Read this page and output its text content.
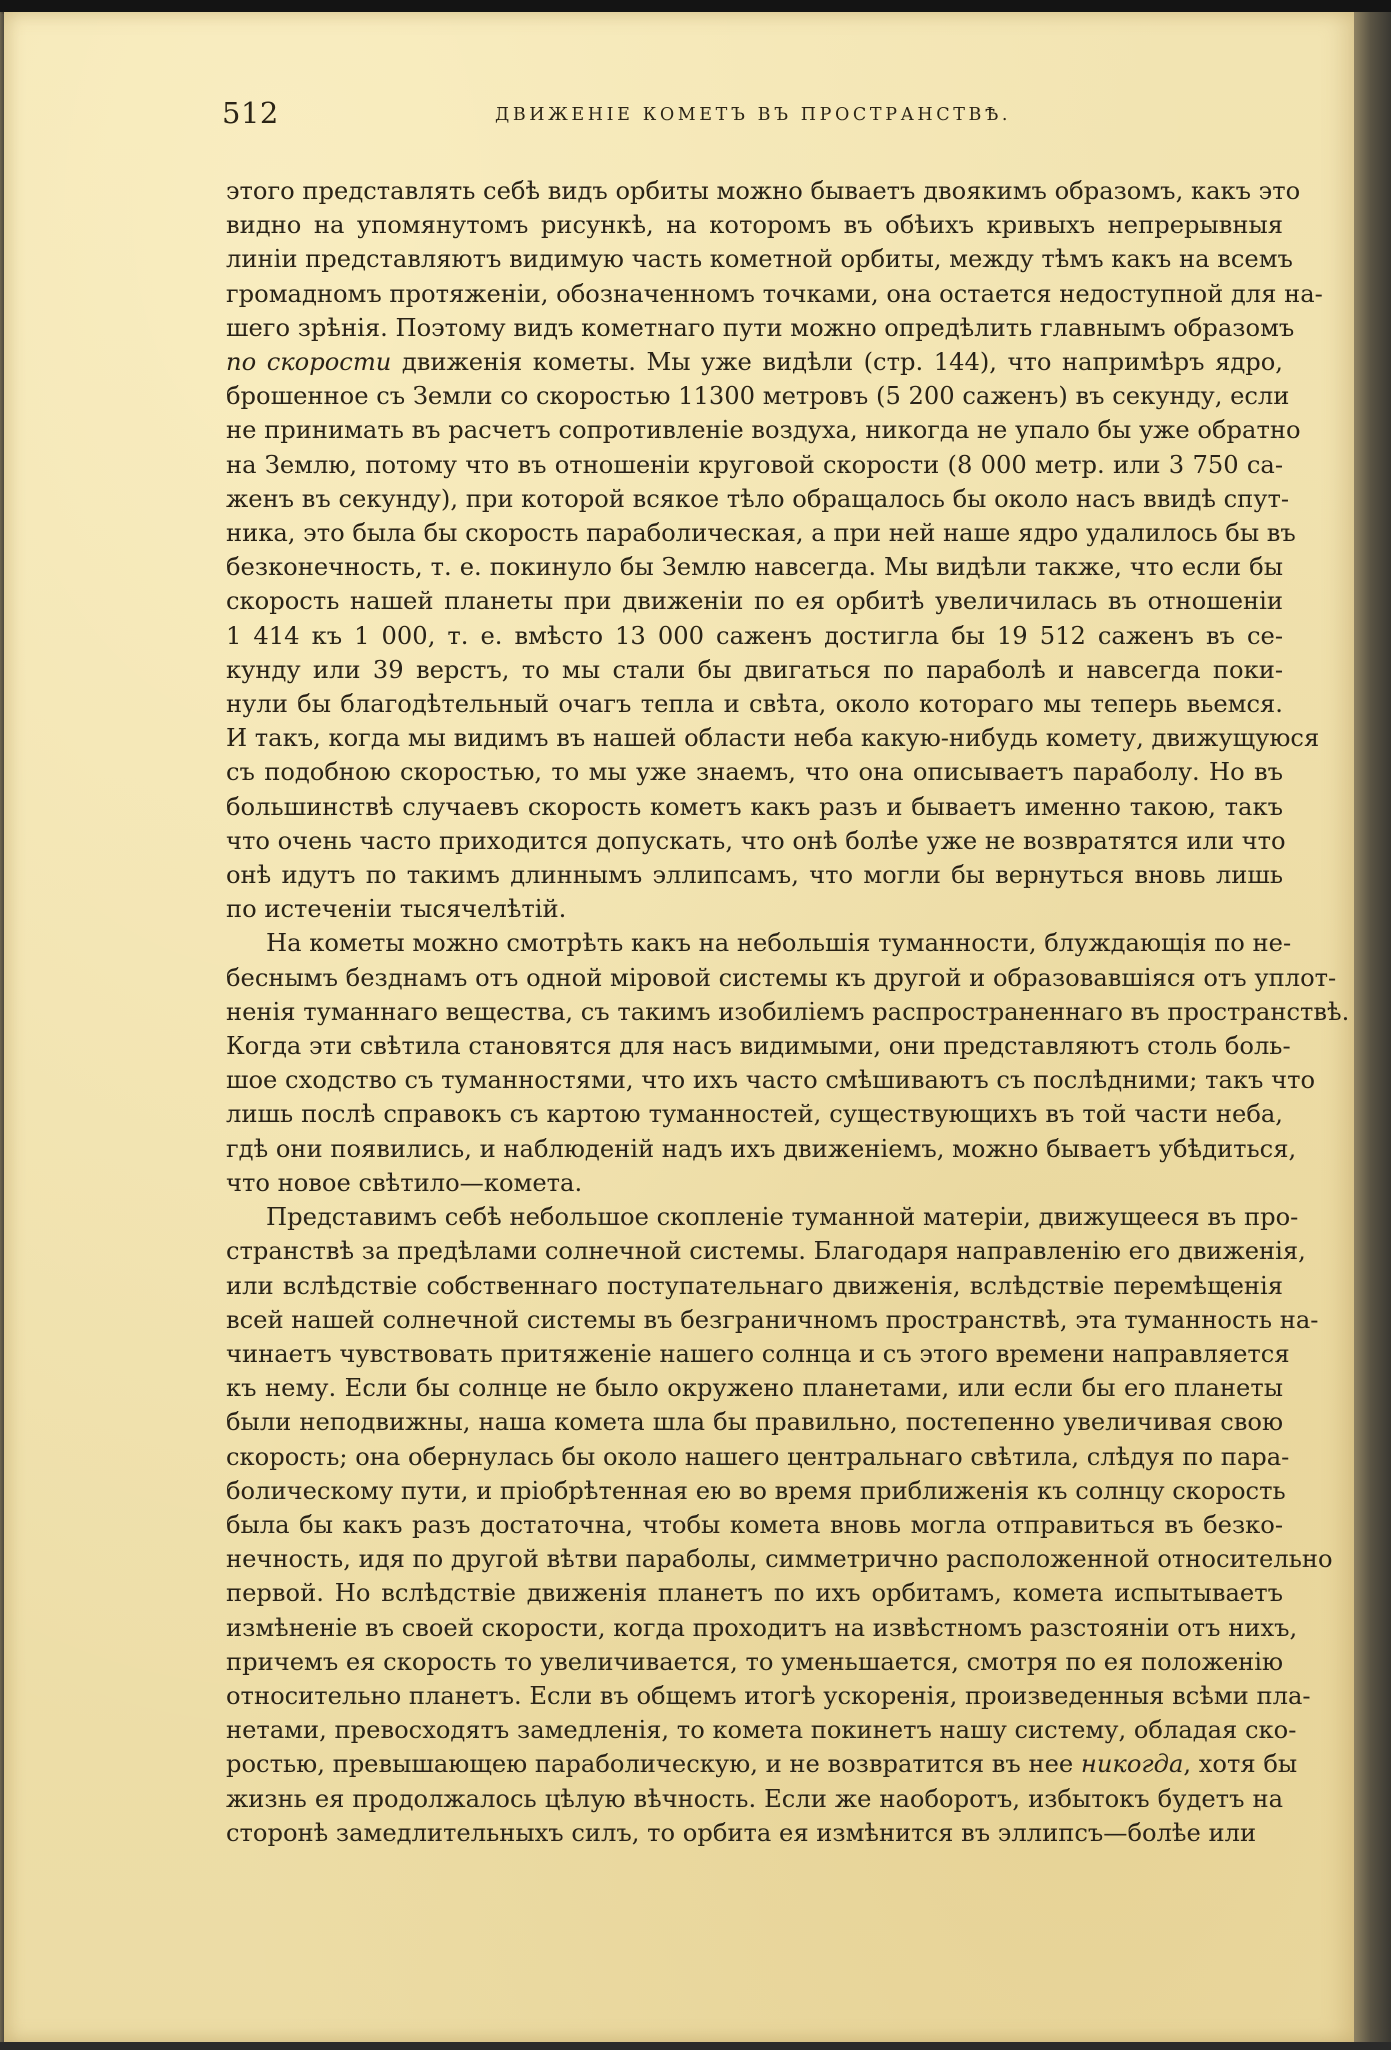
512	ДВИЖЕНІЕ КОМЕТЪ ВЪ ПРОСТРАНСТВѢ.
этого представлять себѣ видъ орбиты можно бываетъ двоякимъ образомъ, какъ это
видно на упомянутомъ рисункѣ, на которомъ въ обѣихъ кривыхъ непрерывныя
линіи представляютъ видимую часть кометной орбиты, между тѣмъ какъ на всемъ
громадномъ протяженіи, обозначенномъ точками, она остается недоступной для на-
шего зрѣнія. Поэтому видъ кометнаго пути можно опредѣлить главнымъ образомъ
по скорости движенія кометы. Мы уже видѣли (стр. 144), что напримѣръ ядро,
брошенное съ Земли со скоростью 11300 метровъ (5 200 саженъ) въ секунду, если
не принимать въ расчетъ сопротивленіе воздуха, никогда не упало бы уже обратно
на Землю, потому что въ отношеніи круговой скорости (8 000 метр. или 3 750 са-
женъ въ секунду), при которой всякое тѣло обращалось бы около насъ ввидѣ спут-
ника, это была бы скорость параболическая, а при ней наше ядро удалилось бы въ
безконечность, т. е. покинуло бы Землю навсегда. Мы видѣли также, что если бы
скорость нашей планеты при движеніи по ея орбитѣ увеличилась въ отношеніи
1 414 къ 1 000, т. е. вмѣсто 13 000 саженъ достигла бы 19 512 саженъ въ се-
кунду или 39 верстъ, то мы стали бы двигаться по параболѣ и навсегда поки-
нули бы благодѣтельный очагъ тепла и свѣта, около котораго мы теперь вьемся.
И такъ, когда мы видимъ въ нашей области неба какую-нибудь комету, движущуюся
съ подобною скоростью, то мы уже знаемъ, что она описываетъ параболу. Но въ
большинствѣ случаевъ скорость кометъ какъ разъ и бываетъ именно такою, такъ
что очень часто приходится допускать, что онѣ болѣе уже не возвратятся или что
онѣ идутъ по такимъ длиннымъ эллипсамъ, что могли бы вернуться вновь лишь
по истеченіи тысячелѣтій.
На кометы можно смотрѣть какъ на небольшія туманности, блуждающія по не-
беснымъ безднамъ отъ одной міровой системы къ другой и образовавшіяся отъ уплот-
ненія туманнаго вещества, съ такимъ изобиліемъ распространеннаго въ пространствѣ.
Когда эти свѣтила становятся для насъ видимыми, они представляютъ столь боль-
шое сходство съ туманностями, что ихъ часто смѣшиваютъ съ послѣдними; такъ что
лишь послѣ справокъ съ картою туманностей, существующихъ въ той части неба,
гдѣ они появились, и наблюденій надъ ихъ движеніемъ, можно бываетъ убѣдиться,
что новое свѣтило—комета.
Представимъ себѣ небольшое скопленіе туманной матеріи, движущееся въ про-
странствѣ за предѣлами солнечной системы. Благодаря направленію его движенія,
или вслѣдствіе собственнаго поступательнаго движенія, вслѣдствіе перемѣщенія
всей нашей солнечной системы въ безграничномъ пространствѣ, эта туманность на-
чинаетъ чувствовать притяженіе нашего солнца и съ этого времени направляется
къ нему. Если бы солнце не было окружено планетами, или если бы его планеты
были неподвижны, наша комета шла бы правильно, постепенно увеличивая свою
скорость; она обернулась бы около нашего центральнаго свѣтила, слѣдуя по пара-
болическому пути, и пріобрѣтенная ею во время приближенія къ солнцу скорость
была бы какъ разъ достаточна, чтобы комета вновь могла отправиться въ безко-
нечность, идя по другой вѣтви параболы, симметрично расположенной относительно
первой. Но вслѣдствіе движенія планетъ по ихъ орбитамъ, комета испытываетъ
измѣненіе въ своей скорости, когда проходитъ на извѣстномъ разстояніи отъ нихъ,
причемъ ея скорость то увеличивается, то уменьшается, смотря по ея положенію
относительно планетъ. Если въ общемъ итогѣ ускоренія, произведенныя всѣми пла-
нетами, превосходятъ замедленія, то комета покинетъ нашу систему, обладая ско-
ростью, превышающею параболическую, и не возвратится въ нее никогда, хотя бы
жизнь ея продолжалось цѣлую вѣчность. Если же наоборотъ, избытокъ будетъ на
сторонѣ замедлительныхъ силъ, то орбита ея измѣнится въ эллипсъ—болѣе или
